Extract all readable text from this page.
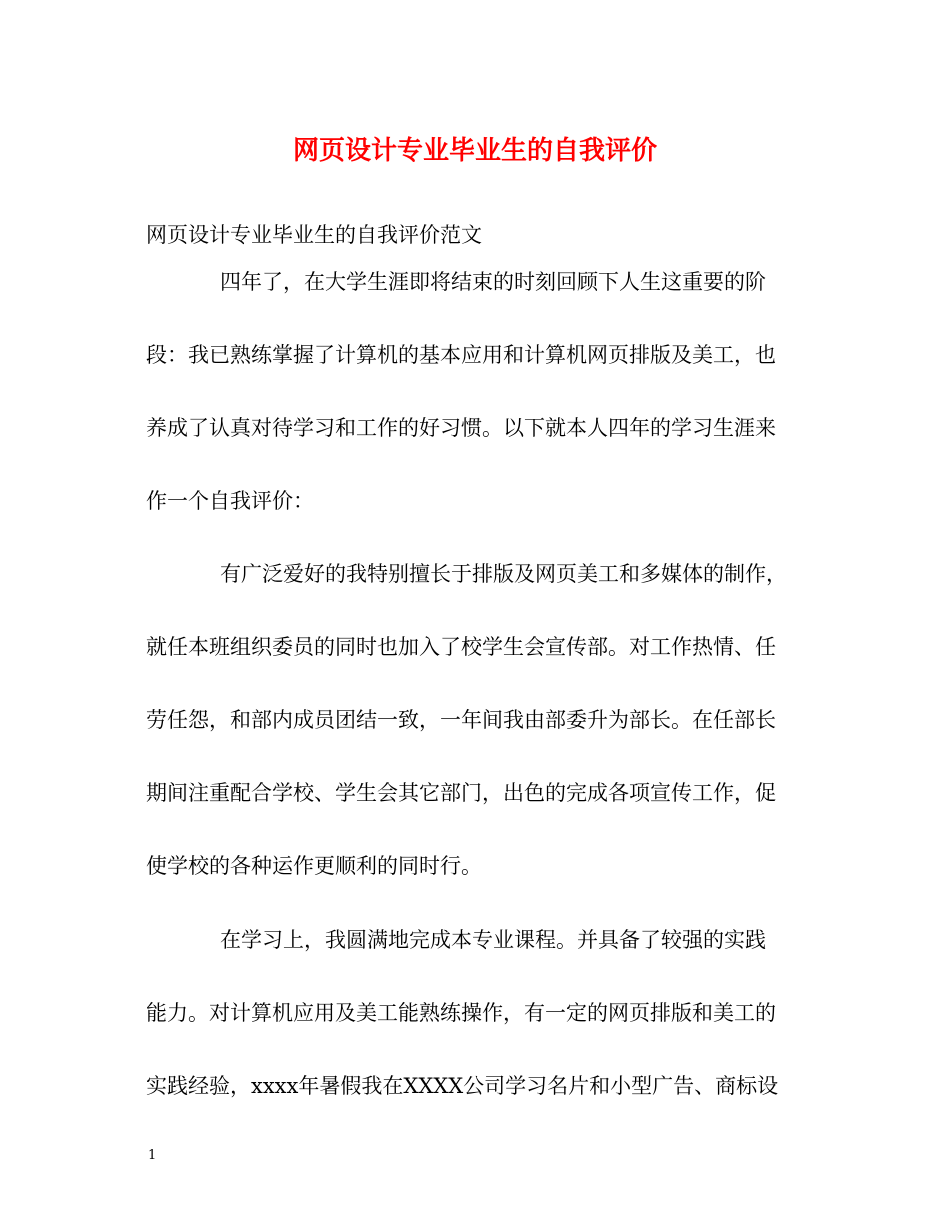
网页设计专业毕业生的自我评价

网页设计专业毕业生的自我评价范文

四年了，在大学生涯即将结束的时刻回顾下人生这重要的阶
段：我已熟练掌握了计算机的基本应用和计算机网页排版及美工，也
养成了认真对待学习和工作的好习惯。以下就本人四年的学习生涯来
作一个自我评价：
有广泛爱好的我特别擅长于排版及网页美工和多媒体的制作，
就任本班组织委员的同时也加入了校学生会宣传部。对工作热情、任
劳任怨，和部内成员团结一致，一年间我由部委升为部长。在任部长
期间注重配合学校、学生会其它部门，出色的完成各项宣传工作，促
使学校的各种运作更顺利的同时行。
在学习上，我圆满地完成本专业课程。并具备了较强的实践
能力。对计算机应用及美工能熟练操作，有一定的网页排版和美工的
实践经验，xxxx年暑假我在XXXX公司学习名片和小型广告、商标设
1
